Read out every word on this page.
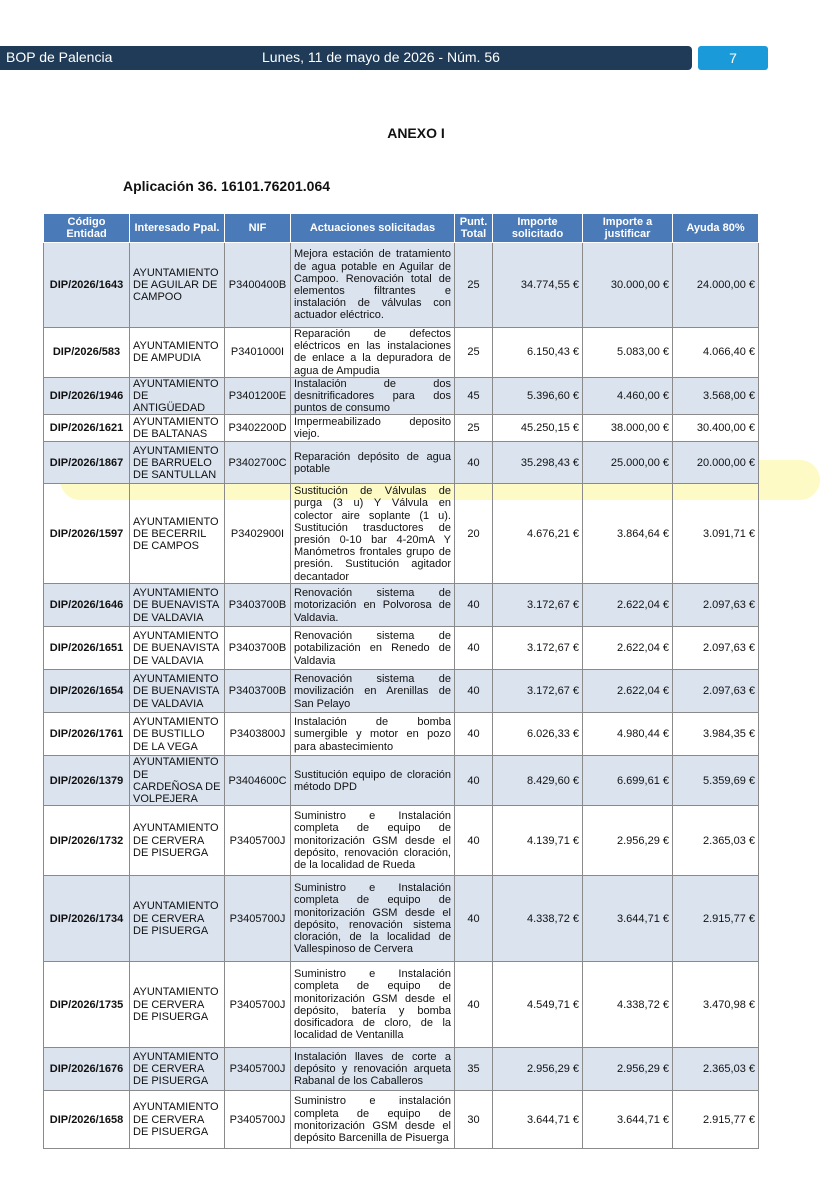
BOP de Palencia	Lunes, 11 de mayo de 2026 - Núm. 56	7
ANEXO I
Aplicación 36. 16101.76201.064
Código Entidad	Interesado Ppal.	NIF	Actuaciones solicitadas	Punt. Total	Importe solicitado	Importe a justificar	Ayuda 80%
DIP/2026/1643	AYUNTAMIENTO DE AGUILAR DE CAMPOO	P3400400B	Mejora estación de tratamiento de agua potable en Aguilar de Campoo. Renovación total de elementos filtrantes e instalación de válvulas con actuador eléctrico.	25	34.774,55 €	30.000,00 €	24.000,00 €
DIP/2026/583	AYUNTAMIENTO DE AMPUDIA	P3401000I	Reparación de defectos eléctricos en las instalaciones de enlace a la depuradora de agua de Ampudia	25	6.150,43 €	5.083,00 €	4.066,40 €
DIP/2026/1946	AYUNTAMIENTO DE ANTIGÜEDAD	P3401200E	Instalación de dos desnitrificadores para dos puntos de consumo	45	5.396,60 €	4.460,00 €	3.568,00 €
DIP/2026/1621	AYUNTAMIENTO DE BALTANAS	P3402200D	Impermeabilizado deposito viejo.	25	45.250,15 €	38.000,00 €	30.400,00 €
DIP/2026/1867	AYUNTAMIENTO DE BARRUELO DE SANTULLAN	P3402700C	Reparación depósito de agua potable	40	35.298,43 €	25.000,00 €	20.000,00 €
DIP/2026/1597	AYUNTAMIENTO DE BECERRIL DE CAMPOS	P3402900I	Sustitución de Válvulas de purga (3 u) Y Válvula en colector aire soplante (1 u). Sustitución trasductores de presión 0-10 bar 4-20mA Y Manómetros frontales grupo de presión. Sustitución agitador decantador	20	4.676,21 €	3.864,64 €	3.091,71 €
DIP/2026/1646	AYUNTAMIENTO DE BUENAVISTA DE VALDAVIA	P3403700B	Renovación sistema de motorización en Polvorosa de Valdavia.	40	3.172,67 €	2.622,04 €	2.097,63 €
DIP/2026/1651	AYUNTAMIENTO DE BUENAVISTA DE VALDAVIA	P3403700B	Renovación sistema de potabilización en Renedo de Valdavia	40	3.172,67 €	2.622,04 €	2.097,63 €
DIP/2026/1654	AYUNTAMIENTO DE BUENAVISTA DE VALDAVIA	P3403700B	Renovación sistema de movilización en Arenillas de San Pelayo	40	3.172,67 €	2.622,04 €	2.097,63 €
DIP/2026/1761	AYUNTAMIENTO DE BUSTILLO DE LA VEGA	P3403800J	Instalación de bomba sumergible y motor en pozo para abastecimiento	40	6.026,33 €	4.980,44 €	3.984,35 €
DIP/2026/1379	AYUNTAMIENTO DE CARDEÑOSA DE VOLPEJERA	P3404600C	Sustitución equipo de cloración método DPD	40	8.429,60 €	6.699,61 €	5.359,69 €
DIP/2026/1732	AYUNTAMIENTO DE CERVERA DE PISUERGA	P3405700J	Suministro e Instalación completa de equipo de monitorización GSM desde el depósito, renovación cloración, de la localidad de Rueda	40	4.139,71 €	2.956,29 €	2.365,03 €
DIP/2026/1734	AYUNTAMIENTO DE CERVERA DE PISUERGA	P3405700J	Suministro e Instalación completa de equipo de monitorización GSM desde el depósito, renovación sistema cloración, de la localidad de Vallespinoso de Cervera	40	4.338,72 €	3.644,71 €	2.915,77 €
DIP/2026/1735	AYUNTAMIENTO DE CERVERA DE PISUERGA	P3405700J	Suministro e Instalación completa de equipo de monitorización GSM desde el depósito, batería y bomba dosificadora de cloro, de la localidad de Ventanilla	40	4.549,71 €	4.338,72 €	3.470,98 €
DIP/2026/1676	AYUNTAMIENTO DE CERVERA DE PISUERGA	P3405700J	Instalación llaves de corte a depósito y renovación arqueta Rabanal de los Caballeros	35	2.956,29 €	2.956,29 €	2.365,03 €
DIP/2026/1658	AYUNTAMIENTO DE CERVERA DE PISUERGA	P3405700J	Suministro e instalación completa de equipo de monitorización GSM desde el depósito Barcenilla de Pisuerga	30	3.644,71 €	3.644,71 €	2.915,77 €
